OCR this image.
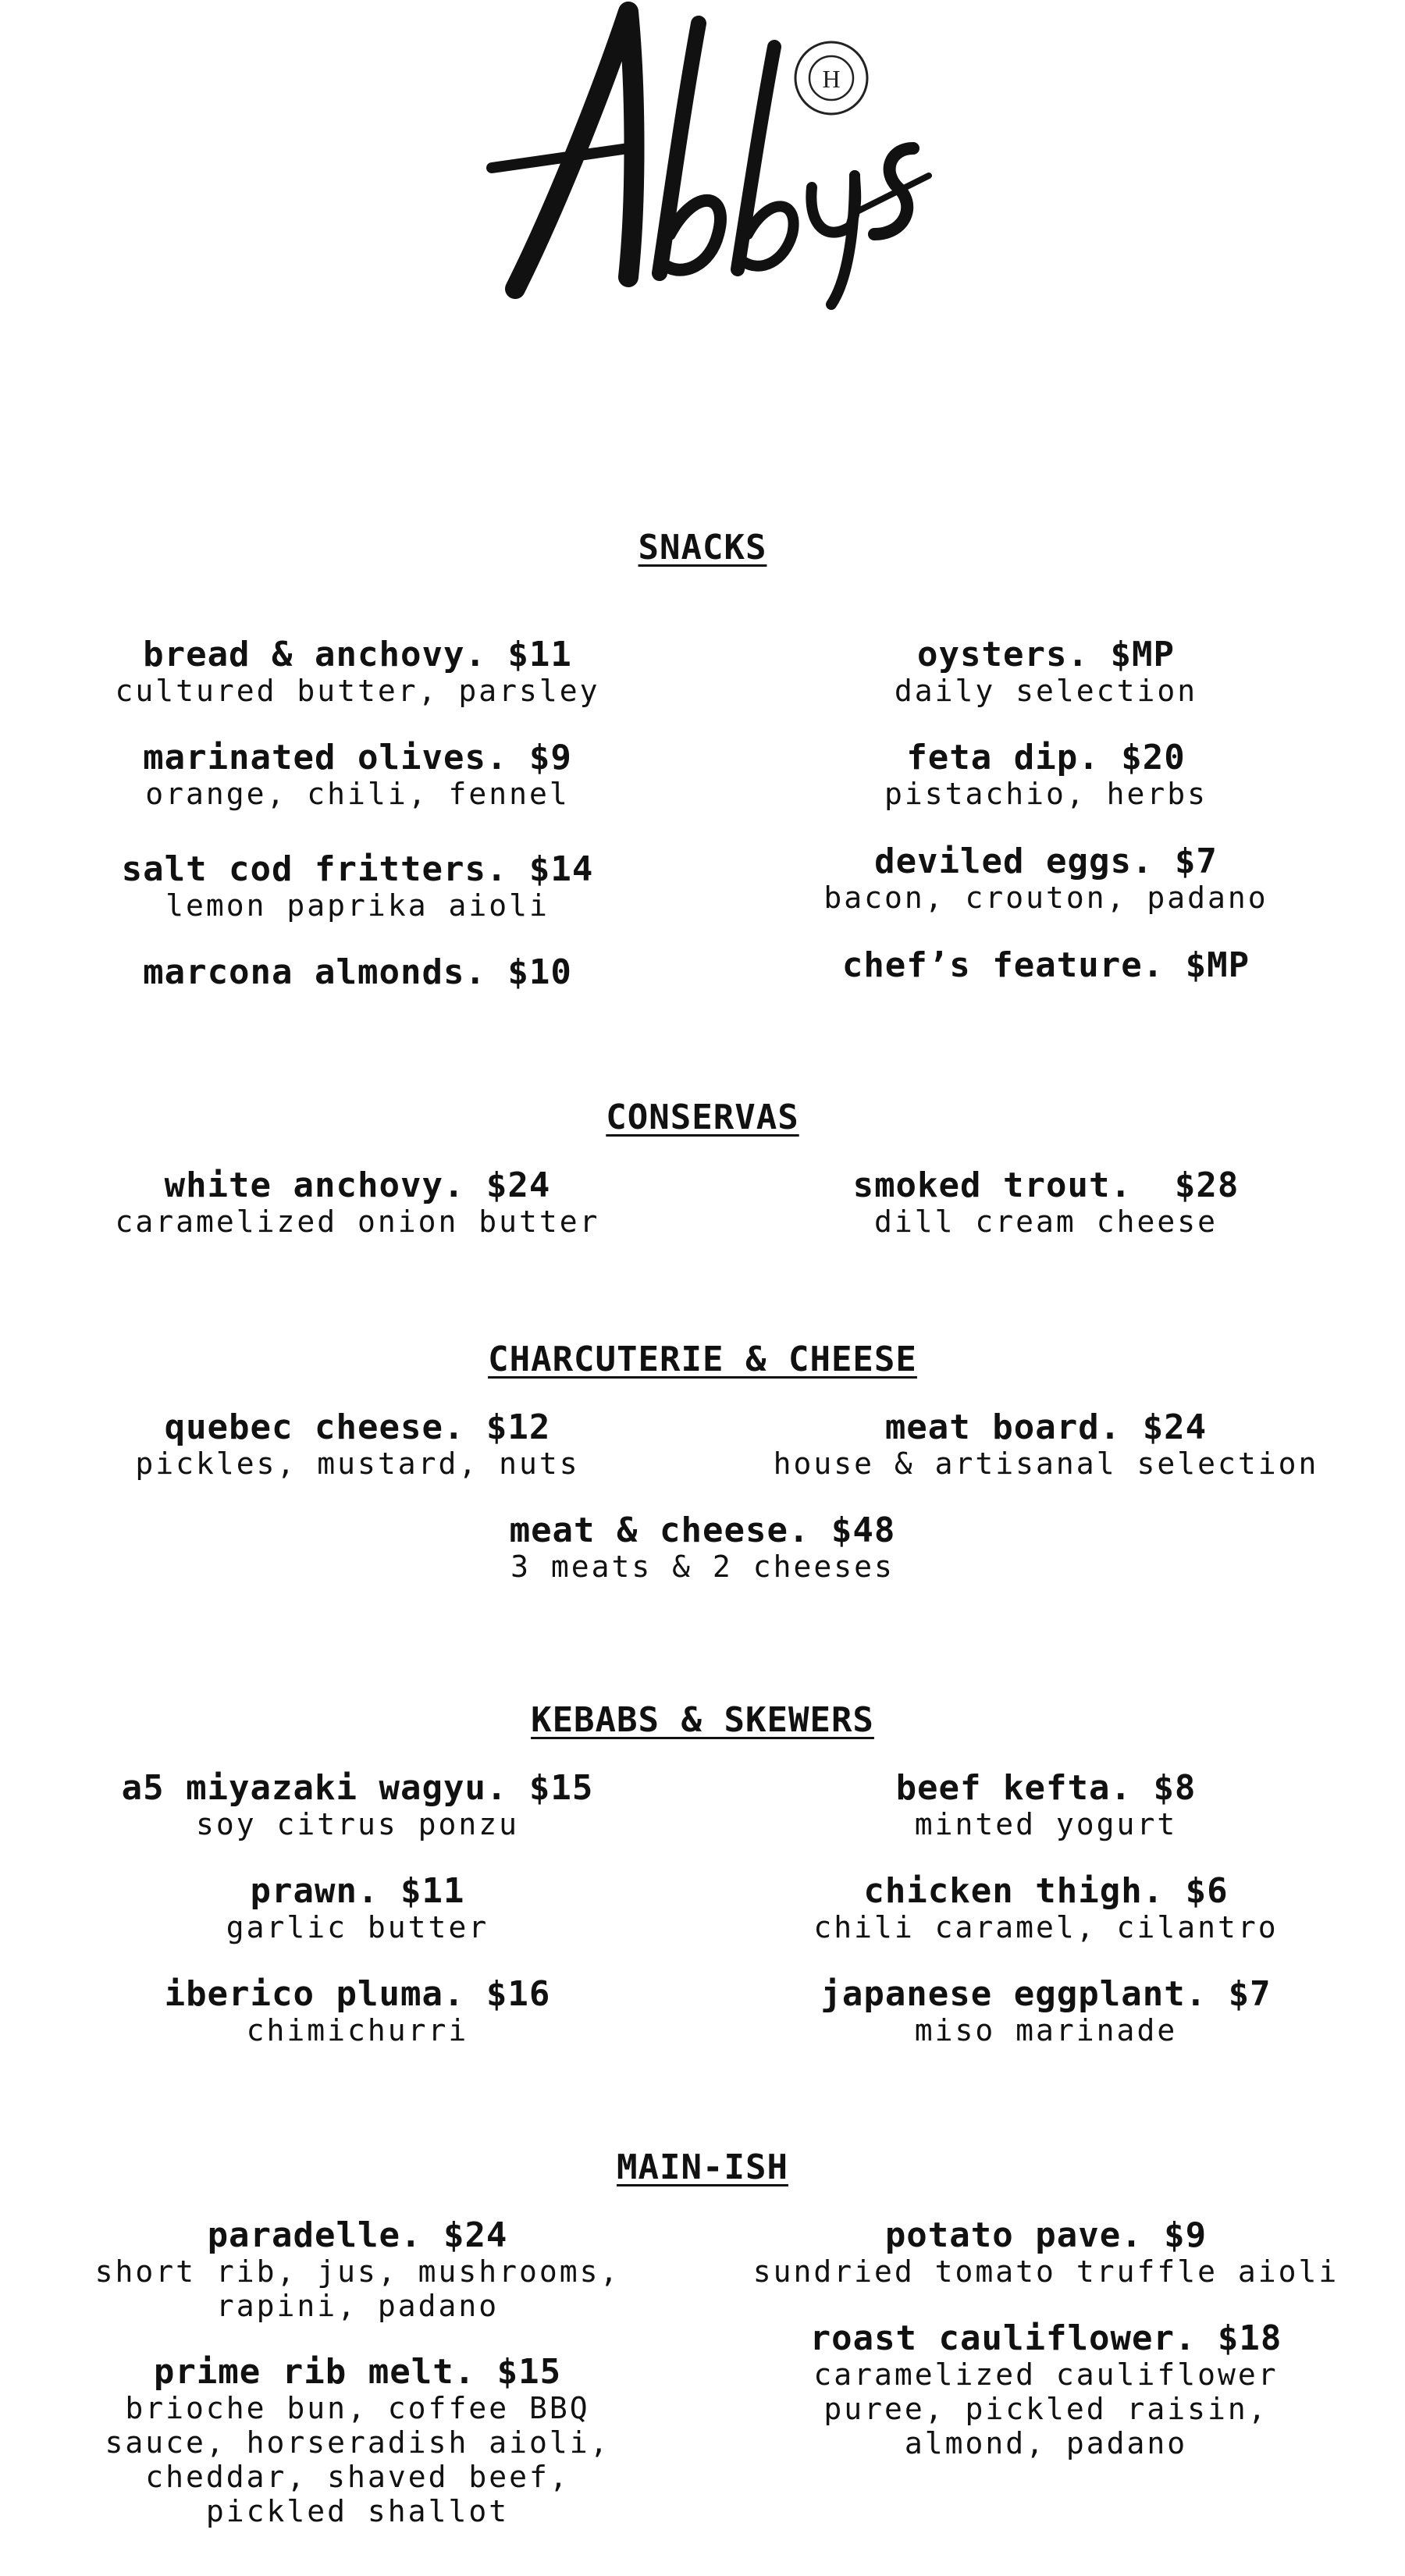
H
SNACKS
bread & anchovy. $11
cultured butter, parsley
marinated olives. $9
orange, chili, fennel
salt cod fritters. $14
lemon paprika aioli
marcona almonds. $10
oysters. $MP
daily selection
feta dip. $20
pistachio, herbs
deviled eggs. $7
bacon, crouton, padano
chef’s feature. $MP
CONSERVAS
white anchovy. $24
caramelized onion butter
smoked trout.  $28
dill cream cheese
CHARCUTERIE & CHEESE
quebec cheese. $12
pickles, mustard, nuts
meat board. $24
house & artisanal selection
meat & cheese. $48
3 meats & 2 cheeses
KEBABS & SKEWERS
a5 miyazaki wagyu. $15
soy citrus ponzu
prawn. $11
garlic butter
iberico pluma. $16
chimichurri
beef kefta. $8
minted yogurt
chicken thigh. $6
chili caramel, cilantro
japanese eggplant. $7
miso marinade
MAIN-ISH
paradelle. $24
short rib, jus, mushrooms, rapini, padano
prime rib melt. $15
brioche bun, coffee BBQ sauce, horseradish aioli, cheddar, shaved beef, pickled shallot
potato pave. $9
sundried tomato truffle aioli
roast cauliflower. $18
caramelized cauliflower puree, pickled raisin, almond, padano
